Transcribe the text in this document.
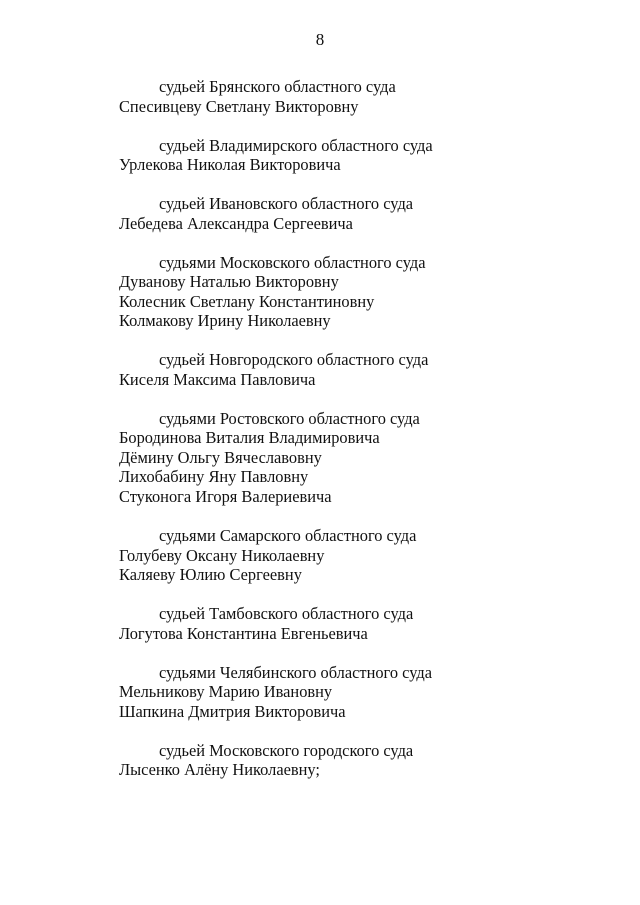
8
судьей Брянского областного суда
Спесивцеву Светлану Викторовну
судьей Владимирского областного суда
Урлекова Николая Викторовича
судьей Ивановского областного суда
Лебедева Александра Сергеевича
судьями Московского областного суда
Дуванову Наталью Викторовну
Колесник Светлану Константиновну
Колмакову Ирину Николаевну
судьей Новгородского областного суда
Киселя Максима Павловича
судьями Ростовского областного суда
Бородинова Виталия Владимировича
Дёмину Ольгу Вячеславовну
Лихобабину Яну Павловну
Стуконога Игоря Валериевича
судьями Самарского областного суда
Голубеву Оксану Николаевну
Каляеву Юлию Сергеевну
судьей Тамбовского областного суда
Логутова Константина Евгеньевича
судьями Челябинского областного суда
Мельникову Марию Ивановну
Шапкина Дмитрия Викторовича
судьей Московского городского суда
Лысенко Алёну Николаевну;
